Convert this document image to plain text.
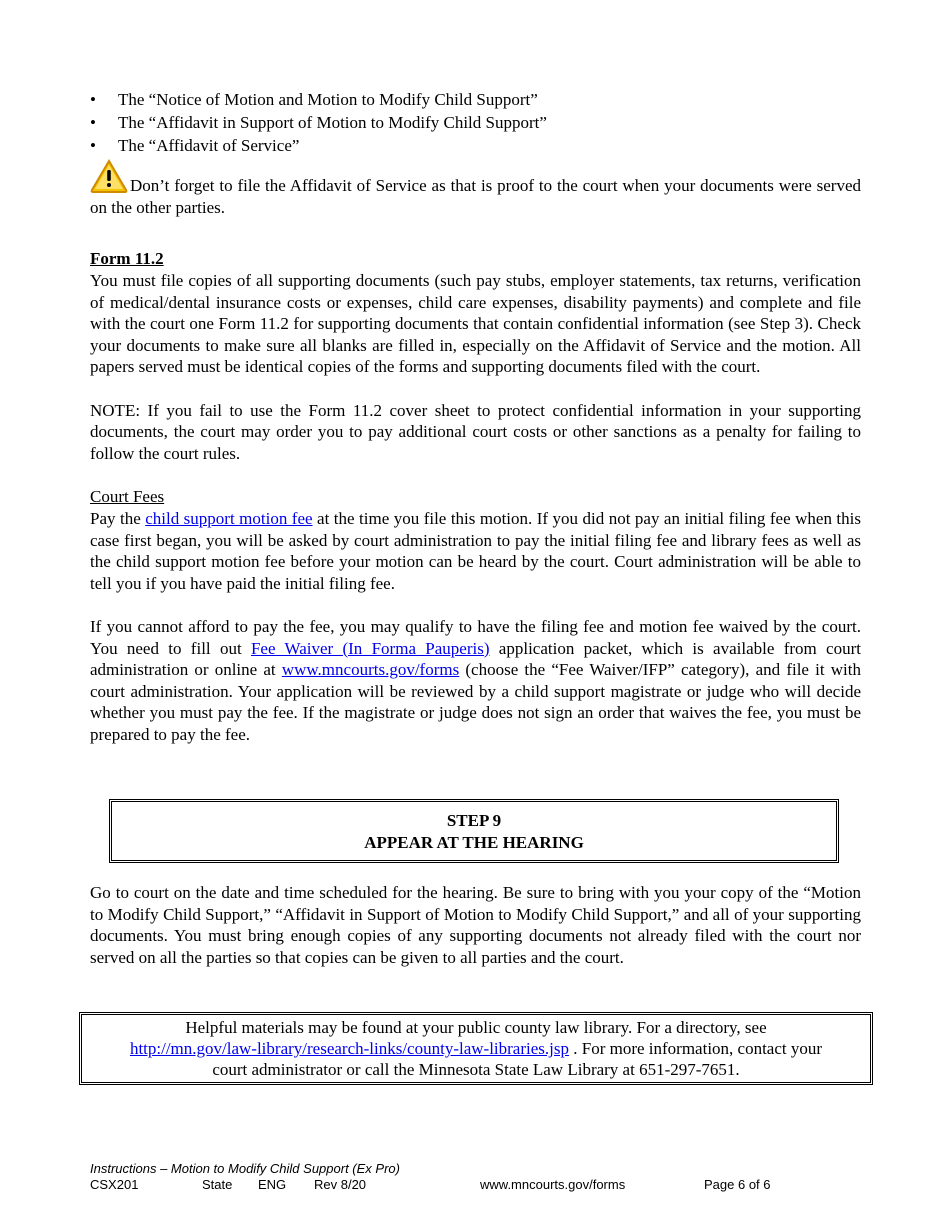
• The “Notice of Motion and Motion to Modify Child Support”
• The “Affidavit in Support of Motion to Modify Child Support”
• The “Affidavit of Service”

Don’t forget to file the Affidavit of Service as that is proof to the court when your documents were served on the other parties.

Form 11.2

You must file copies of all supporting documents (such pay stubs, employer statements, tax returns, verification of medical/dental insurance costs or expenses, child care expenses, disability payments) and complete and file with the court one Form 11.2 for supporting documents that contain confidential information (see Step 3). Check your documents to make sure all blanks are filled in, especially on the Affidavit of Service and the motion. All papers served must be identical copies of the forms and supporting documents filed with the court.

NOTE: If you fail to use the Form 11.2 cover sheet to protect confidential information in your supporting documents, the court may order you to pay additional court costs or other sanctions as a penalty for failing to follow the court rules.

Court Fees

Pay the child support motion fee at the time you file this motion. If you did not pay an initial filing fee when this case first began, you will be asked by court administration to pay the initial filing fee and library fees as well as the child support motion fee before your motion can be heard by the court. Court administration will be able to tell you if you have paid the initial filing fee.

If you cannot afford to pay the fee, you may qualify to have the filing fee and motion fee waived by the court. You need to fill out Fee Waiver (In Forma Pauperis) application packet, which is available from court administration or online at www.mncourts.gov/forms (choose the “Fee Waiver/IFP” category), and file it with court administration. Your application will be reviewed by a child support magistrate or judge who will decide whether you must pay the fee. If the magistrate or judge does not sign an order that waives the fee, you must be prepared to pay the fee.

STEP 9
APPEAR AT THE HEARING

Go to court on the date and time scheduled for the hearing. Be sure to bring with you your copy of the “Motion to Modify Child Support,” “Affidavit in Support of Motion to Modify Child Support,” and all of your supporting documents. You must bring enough copies of any supporting documents not already filed with the court nor served on all the parties so that copies can be given to all parties and the court.

Helpful materials may be found at your public county law library. For a directory, see
http://mn.gov/law-library/research-links/county-law-libraries.jsp . For more information, contact your
court administrator or call the Minnesota State Law Library at 651-297-7651.
Instructions – Motion to Modify Child Support (Ex Pro)
CSX201	State ENG Rev 8/20	www.mncourts.gov/forms	Page 6 of 6
